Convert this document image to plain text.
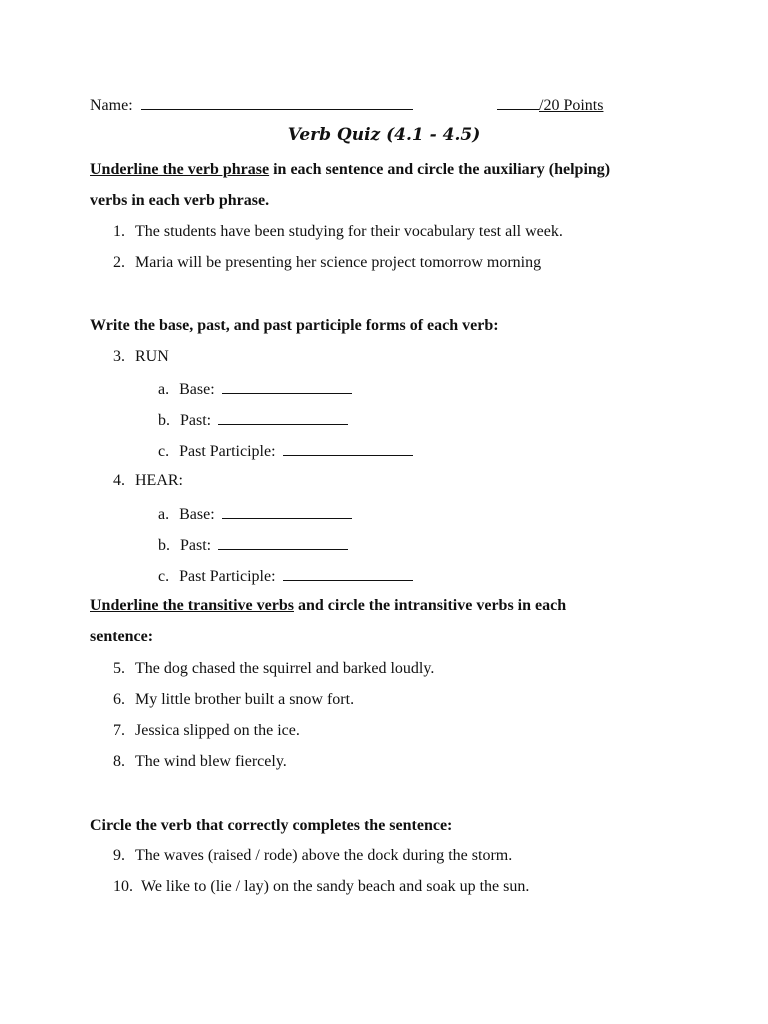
Name:	/20 Points
Verb Quiz (4.1 - 4.5)
Underline the verb phrase in each sentence and circle the auxiliary (helping)
verbs in each verb phrase.
1. The students have been studying for their vocabulary test all week.
2. Maria will be presenting her science project tomorrow morning
Write the base, past, and past participle forms of each verb:
3. RUN
a. Base:
b. Past:
c. Past Participle:
4. HEAR:
a. Base:
b. Past:
c. Past Participle:
Underline the transitive verbs and circle the intransitive verbs in each
sentence:
5. The dog chased the squirrel and barked loudly.
6. My little brother built a snow fort.
7. Jessica slipped on the ice.
8. The wind blew fiercely.
Circle the verb that correctly completes the sentence:
9. The waves (raised / rode) above the dock during the storm.
10. We like to (lie / lay) on the sandy beach and soak up the sun.
